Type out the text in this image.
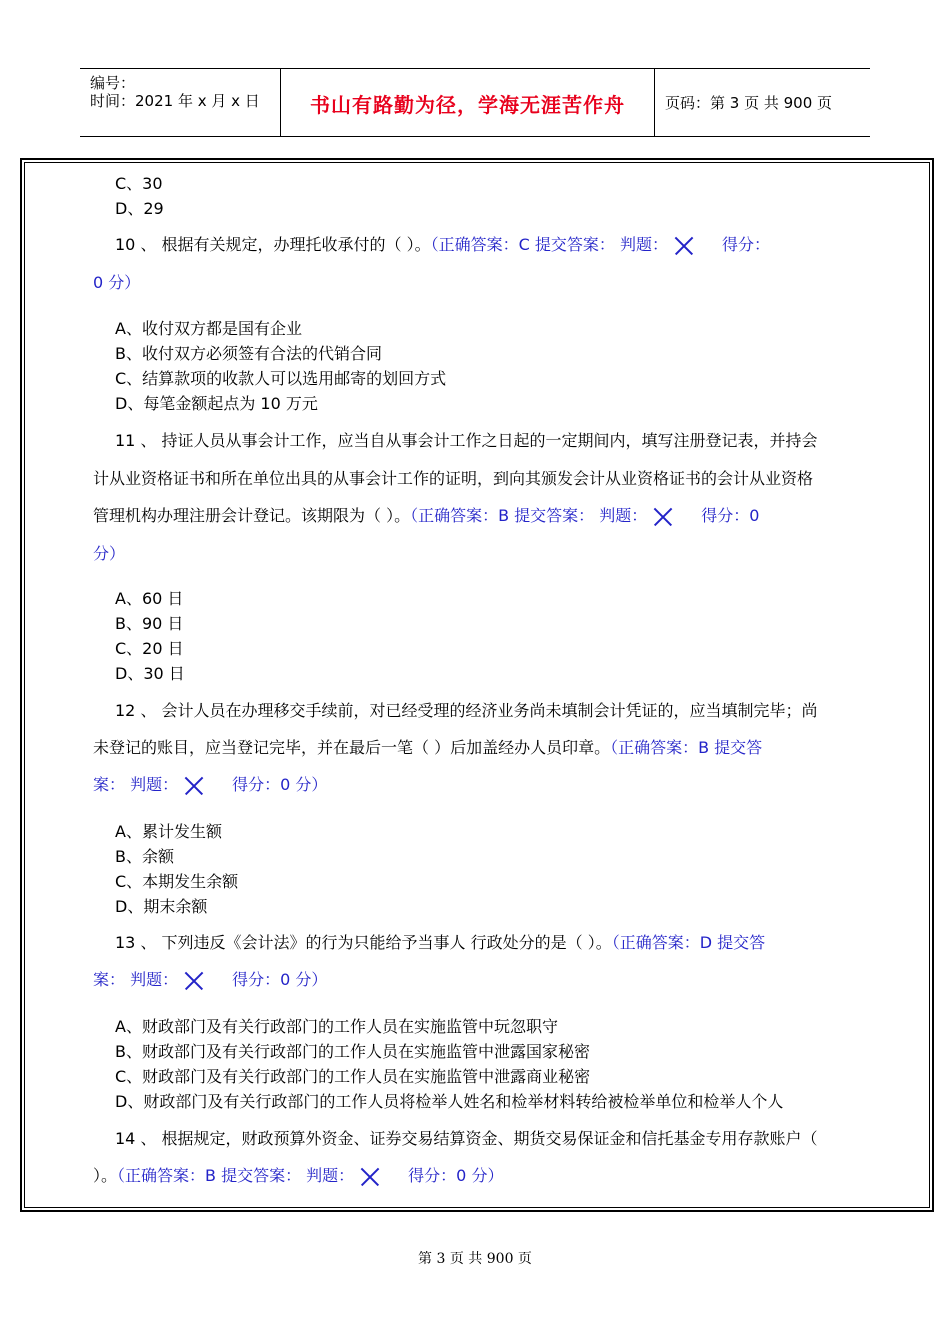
编号：
时间：2021 年 x 月 x 日	书山有路勤为径，学海无涯苦作舟	页码：第 3 页 共 900 页
C、30
D、29
10 、 根据有关规定，办理托收承付的（ ）。（正确答案：C 提交答案： 判题：	得分：
0 分）
A、收付双方都是国有企业
B、收付双方必须签有合法的代销合同
C、结算款项的收款人可以选用邮寄的划回方式
D、每笔金额起点为 10 万元
11 、 持证人员从事会计工作，应当自从事会计工作之日起的一定期间内，填写注册登记表，并持会
计从业资格证书和所在单位出具的从事会计工作的证明，到向其颁发会计从业资格证书的会计从业资格
管理机构办理注册会计登记。该期限为（ ）。（正确答案：B 提交答案： 判题：	得分：0
分）
A、60 日
B、90 日
C、20 日
D、30 日
12 、 会计人员在办理移交手续前，对已经受理的经济业务尚未填制会计凭证的，应当填制完毕；尚
未登记的账目，应当登记完毕，并在最后一笔（ ）后加盖经办人员印章。（正确答案：B 提交答
案： 判题：	得分：0 分）
A、累计发生额
B、余额
C、本期发生余额
D、期末余额
13 、 下列违反《会计法》的行为只能给予当事人 行政处分的是（ ）。（正确答案：D 提交答
案： 判题：	得分：0 分）
A、财政部门及有关行政部门的工作人员在实施监管中玩忽职守
B、财政部门及有关行政部门的工作人员在实施监管中泄露国家秘密
C、财政部门及有关行政部门的工作人员在实施监管中泄露商业秘密
D、财政部门及有关行政部门的工作人员将检举人姓名和检举材料转给被检举单位和检举人个人
14 、 根据规定，财政预算外资金、证券交易结算资金、期货交易保证金和信托基金专用存款账户（
）。（正确答案：B 提交答案： 判题：	得分：0 分）
第 3 页 共 900 页
